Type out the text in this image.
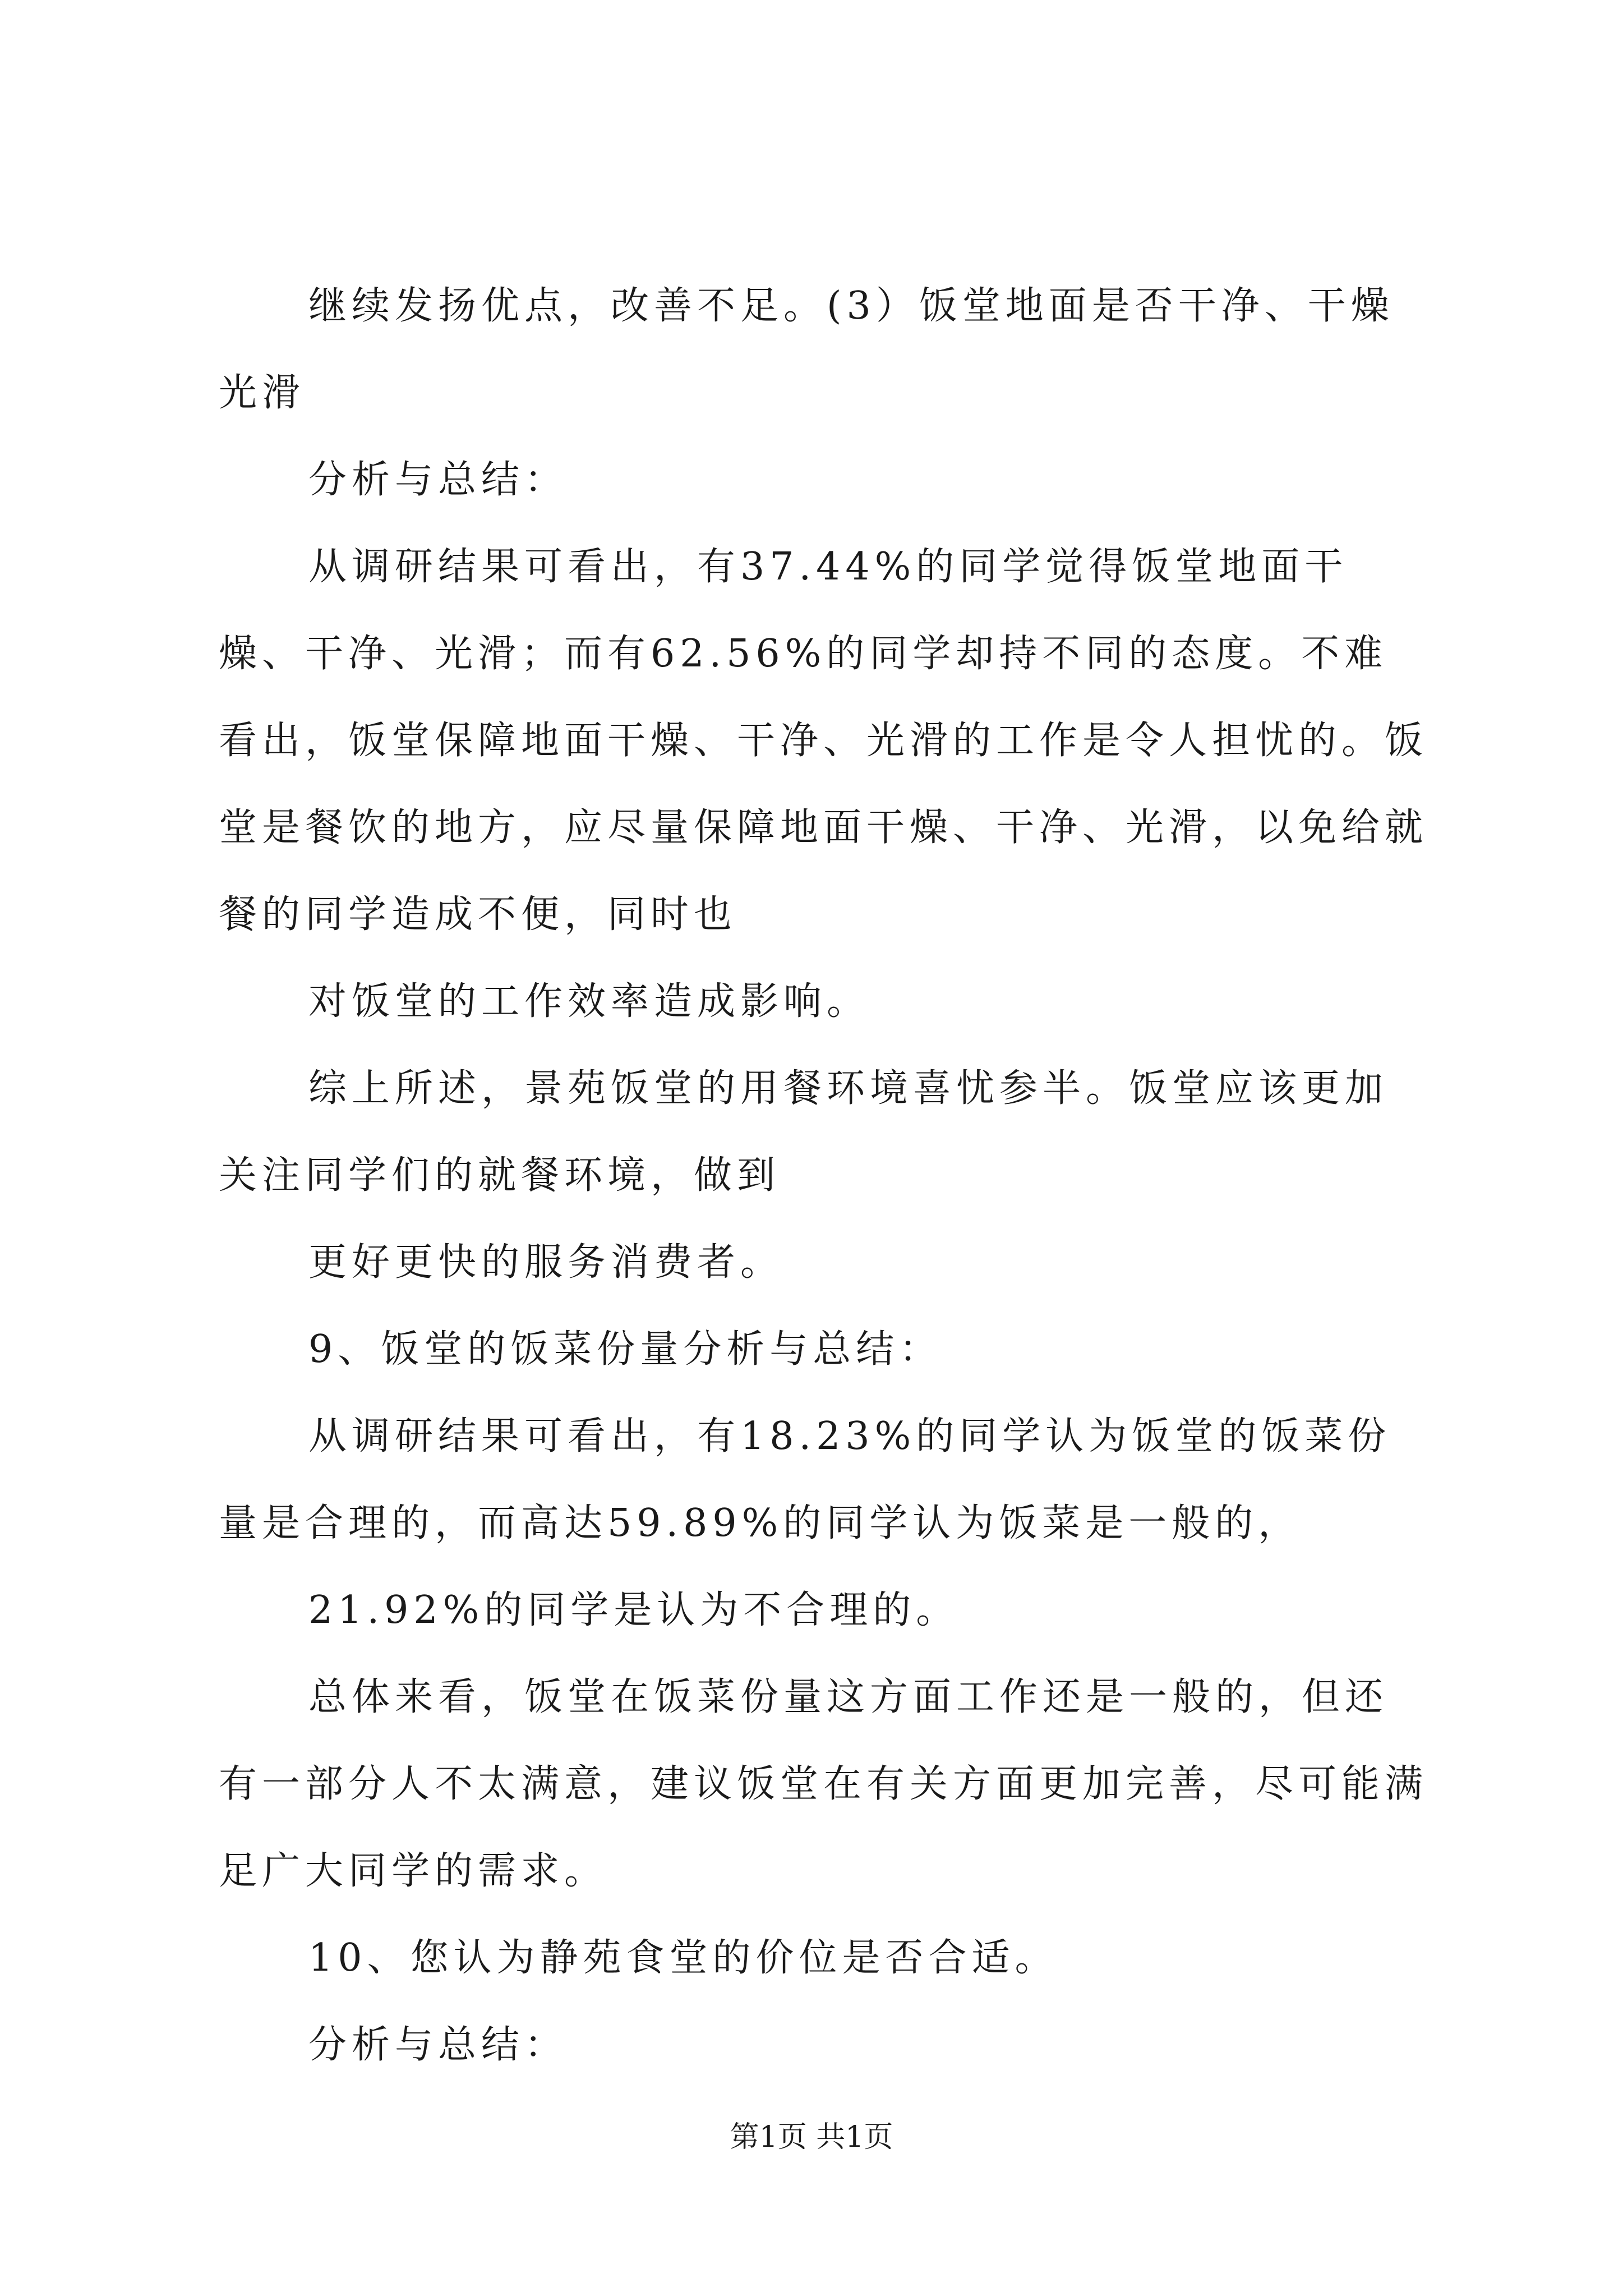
继续发扬优点，改善不足。(3）饭堂地面是否干净、干燥光滑

分析与总结：

从调研结果可看出，有37.44%的同学觉得饭堂地面干燥、干净、光滑；而有62.56%的同学却持不同的态度。不难看出，饭堂保障地面干燥、干净、光滑的工作是令人担忧的。饭堂是餐饮的地方，应尽量保障地面干燥、干净、光滑，以免给就餐的同学造成不便，同时也

对饭堂的工作效率造成影响。

综上所述，景苑饭堂的用餐环境喜忧参半。饭堂应该更加关注同学们的就餐环境，做到

更好更快的服务消费者。

9、饭堂的饭菜份量分析与总结：

从调研结果可看出，有18.23%的同学认为饭堂的饭菜份量是合理的，而高达59.89%的同学认为饭菜是一般的，

21.92%的同学是认为不合理的。

总体来看，饭堂在饭菜份量这方面工作还是一般的，但还有一部分人不太满意，建议饭堂在有关方面更加完善，尽可能满足广大同学的需求。

10、您认为静苑食堂的价位是否合适。

分析与总结：

第1页 共1页
